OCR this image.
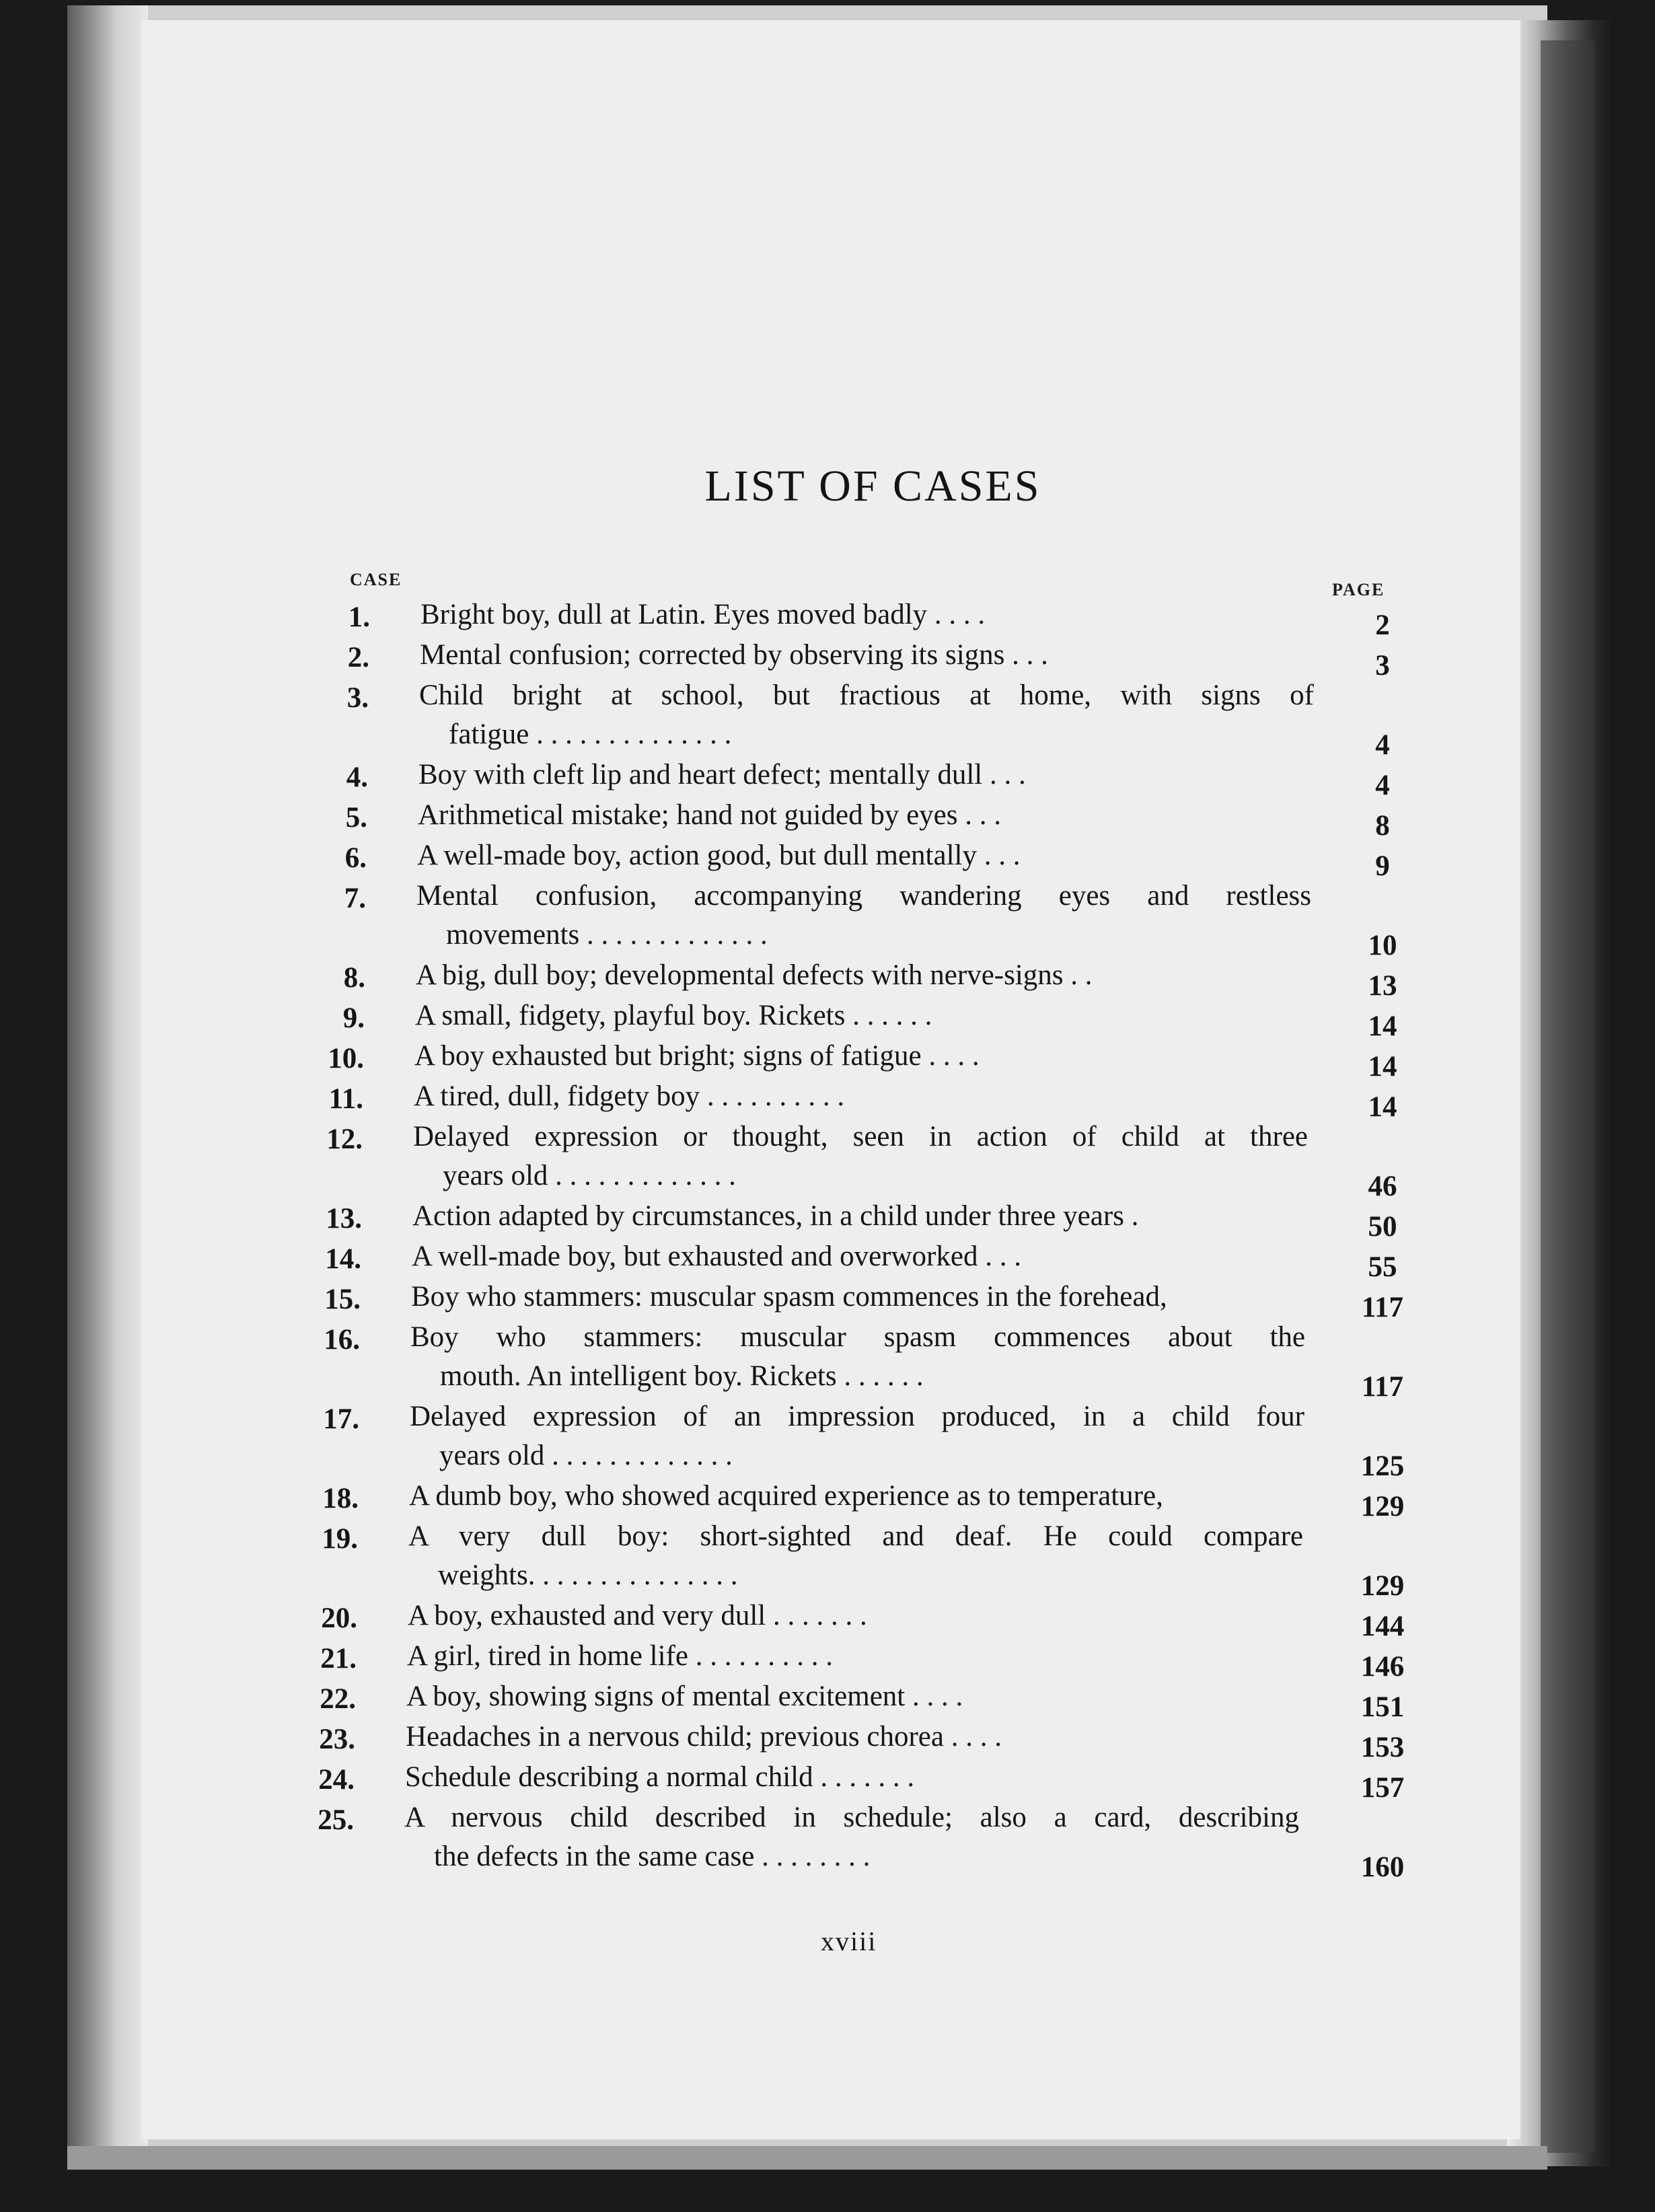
LIST OF CASES
CASE
PAGE
1. Bright boy, dull at Latin. Eyes moved badly . . . .	2
2. Mental confusion; corrected by observing its signs . . .	3
3. Child bright at school, but fractious at home, with signs of
fatigue . . . . . . . . . . . . . .	4
4. Boy with cleft lip and heart defect; mentally dull . . .	4
5. Arithmetical mistake; hand not guided by eyes . . .	8
6. A well-made boy, action good, but dull mentally . . .	9
7. Mental confusion, accompanying wandering eyes and restless
movements . . . . . . . . . . . . .	10
8. A big, dull boy; developmental defects with nerve-signs . .	13
9. A small, fidgety, playful boy. Rickets . . . . . .	14
10. A boy exhausted but bright; signs of fatigue . . . .	14
11. A tired, dull, fidgety boy . . . . . . . . . .	14
12. Delayed expression or thought, seen in action of child at three
years old . . . . . . . . . . . . .	46
13. Action adapted by circumstances, in a child under three years .	50
14. A well-made boy, but exhausted and overworked . . .	55
15. Boy who stammers: muscular spasm commences in the forehead,	117
16. Boy who stammers: muscular spasm commences about the
mouth. An intelligent boy. Rickets . . . . . .	117
17. Delayed expression of an impression produced, in a child four
years old . . . . . . . . . . . . .	125
18. A dumb boy, who showed acquired experience as to temperature,	129
19. A very dull boy: short-sighted and deaf. He could compare
weights. . . . . . . . . . . . . . .	129
20. A boy, exhausted and very dull . . . . . . .	144
21. A girl, tired in home life . . . . . . . . . .	146
22. A boy, showing signs of mental excitement . . . .	151
23. Headaches in a nervous child; previous chorea . . . .	153
24. Schedule describing a normal child . . . . . . .	157
25. A nervous child described in schedule; also a card, describing
the defects in the same case . . . . . . . .	160
xviii
